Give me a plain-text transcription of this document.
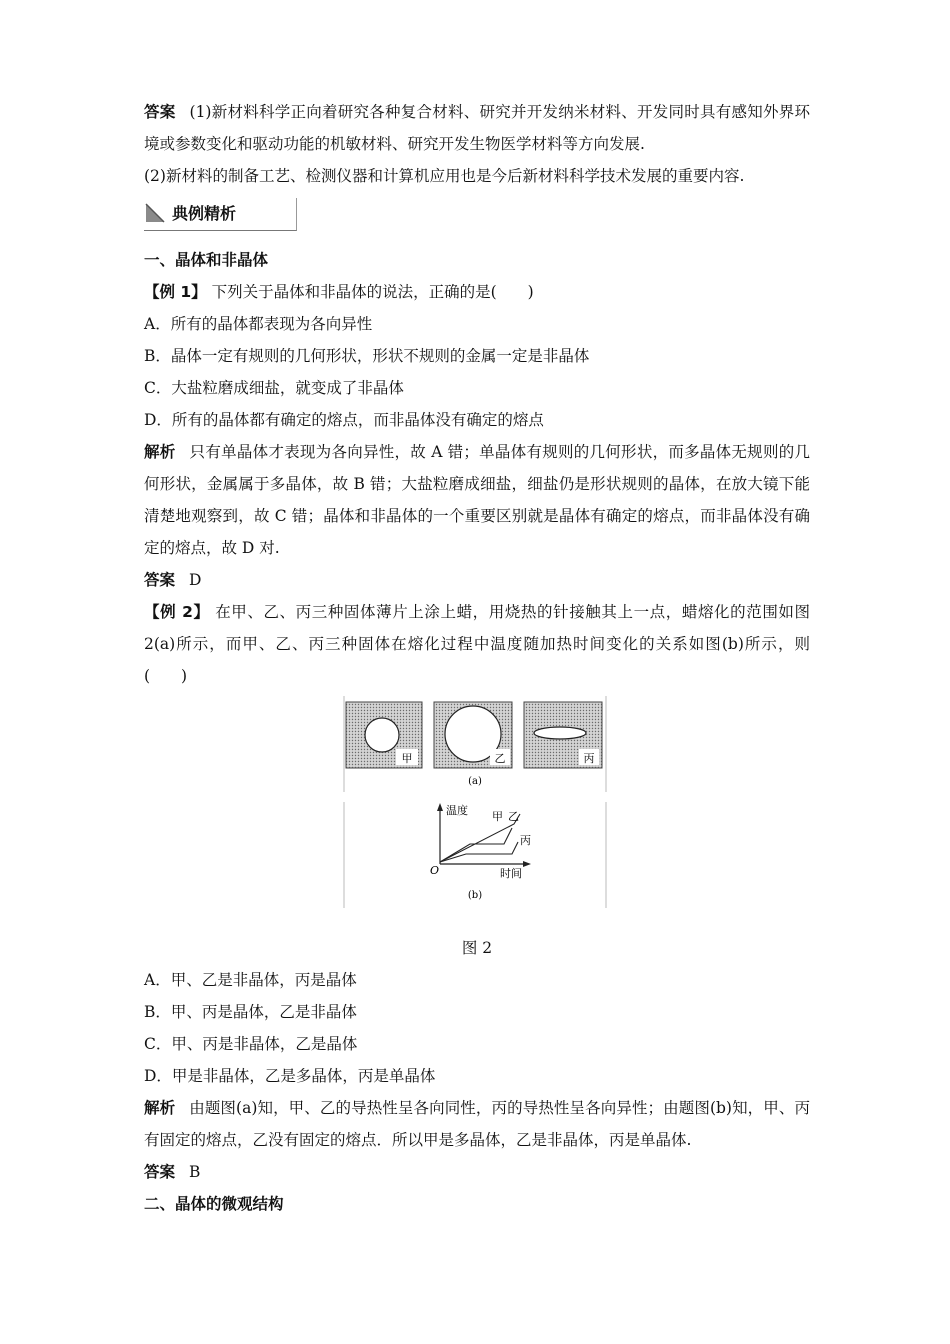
答案 (1)新材料科学正向着研究各种复合材料、研究并开发纳米材料、开发同时具有感知外界环境或参数变化和驱动功能的机敏材料、研究开发生物医学材料等方向发展.

(2)新材料的制备工艺、检测仪器和计算机应用也是今后新材料科学技术发展的重要内容.

典例精析

一、晶体和非晶体

【例 1】 下列关于晶体和非晶体的说法，正确的是(　　)

A．所有的晶体都表现为各向异性

B．晶体一定有规则的几何形状，形状不规则的金属一定是非晶体

C．大盐粒磨成细盐，就变成了非晶体

D．所有的晶体都有确定的熔点，而非晶体没有确定的熔点

解析 只有单晶体才表现为各向异性，故 A 错；单晶体有规则的几何形状，而多晶体无规则的几何形状，金属属于多晶体，故 B 错；大盐粒磨成细盐，细盐仍是形状规则的晶体，在放大镜下能清楚地观察到，故 C 错；晶体和非晶体的一个重要区别就是晶体有确定的熔点，而非晶体没有确定的熔点，故 D 对.

答案 D

【例 2】 在甲、乙、丙三种固体薄片上涂上蜡，用烧热的针接触其上一点，蜡熔化的范围如图 2(a)所示，而甲、乙、丙三种固体在熔化过程中温度随加热时间变化的关系如图(b)所示，则(　　)

甲	乙	丙
(a)
温度
时间
O
甲 乙
丙
(b)

图 2

A．甲、乙是非晶体，丙是晶体

B．甲、丙是晶体，乙是非晶体

C．甲、丙是非晶体，乙是晶体

D．甲是非晶体，乙是多晶体，丙是单晶体

解析 由题图(a)知，甲、乙的导热性呈各向同性，丙的导热性呈各向异性；由题图(b)知，甲、丙有固定的熔点，乙没有固定的熔点．所以甲是多晶体，乙是非晶体，丙是单晶体.

答案 B

二、晶体的微观结构
